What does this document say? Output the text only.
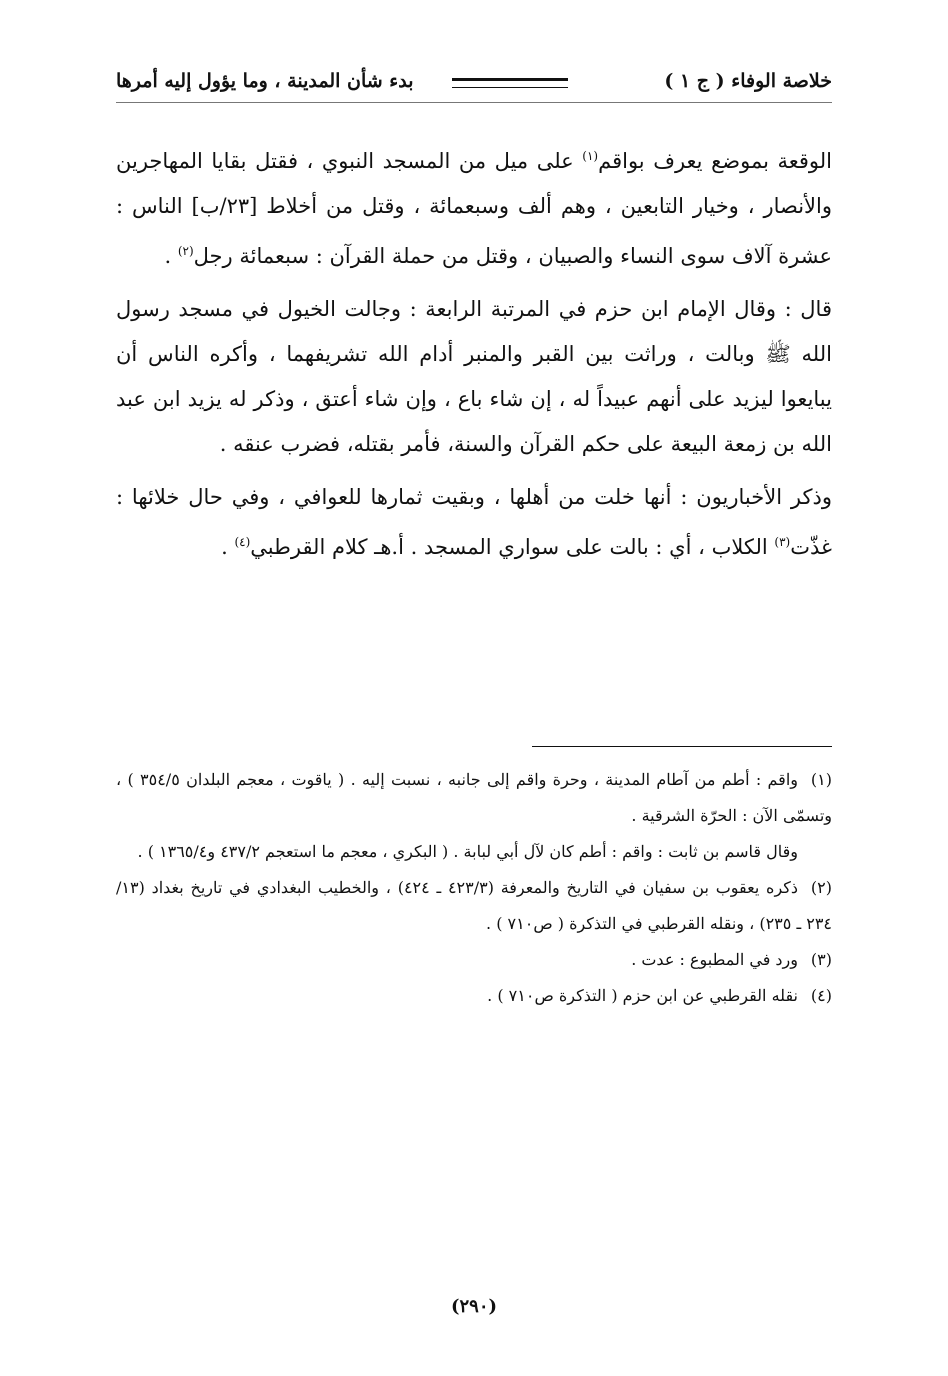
خلاصة الوفاء ( ج ١ )
بدء شأن المدينة ، وما يؤول إليه أمرها

الوقعة بموضع يعرف بواقم$^{(١)}$ على ميل من المسجد النبوي ، فقتل بقايا المهاجرين والأنصار ، وخيار التابعين ، وهم ألف وسبعمائة ، وقتل من أخلاط [٢٣/ب] الناس : عشرة آلاف سوى النساء والصبيان ، وقتل من حملة القرآن : سبعمائة رجل$^{(٢)}$ .

قال : وقال الإمام ابن حزم في المرتبة الرابعة : وجالت الخيول في مسجد رسول الله ﷺ وبالت ، وراثت بين القبر والمنبر أدام الله تشريفهما ، وأكره الناس أن يبايعوا ليزيد على أنهم عبيداً له ، إن شاء باع ، وإن شاء أعتق ، وذكر له يزيد ابن عبد الله بن زمعة البيعة على حكم القرآن والسنة، فأمر بقتله، فضرب عنقه .

وذكر الأخباريون : أنها خلت من أهلها ، وبقيت ثمارها للعوافي ، وفي حال خلائها : غذّت$^{(٣)}$ الكلاب ، أي : بالت على سواري المسجد . أ.هـ كلام القرطبي$^{(٤)}$ .

(١)واقم : أطم من آطام المدينة ، وحرة واقم إلى جانبه ، نسبت إليه . ( ياقوت ، معجم البلدان ٣٥٤/٥ ) ، وتسمّى الآن : الحرّة الشرقية .

وقال قاسم بن ثابت : واقم : أطم كان لآل أبي لبابة . ( البكري ، معجم ما استعجم ٤٣٧/٢ و١٣٦٥/٤ ) .

(٢)ذكره يعقوب بن سفيان في التاريخ والمعرفة (٤٢٣/٣ ـ ٤٢٤) ، والخطيب البغدادي في تاريخ بغداد (١٣/ ٢٣٤ ـ ٢٣٥) ، ونقله القرطبي في التذكرة ( ص٧١٠ ) .

(٣)ورد في المطبوع : عدت .

(٤)نقله القرطبي عن ابن حزم ( التذكرة ص٧١٠ ) .

(٢٩٠)
